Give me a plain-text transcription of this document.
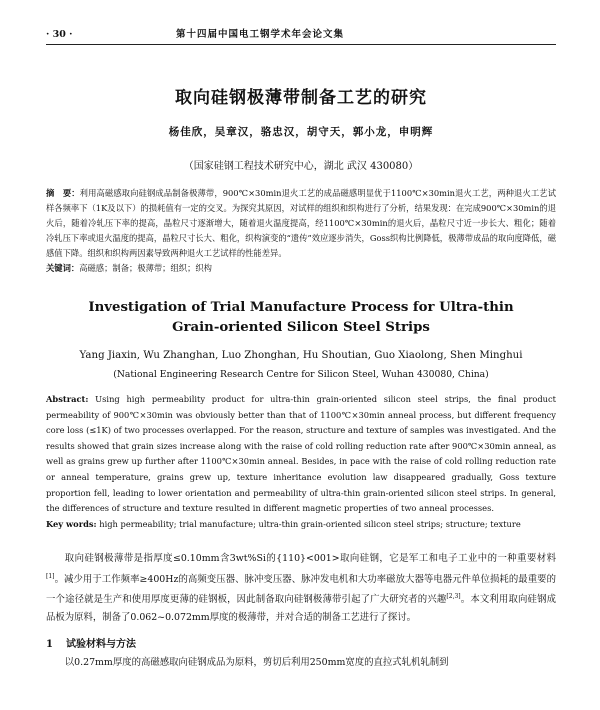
· 30 ·	第十四届中国电工钢学术年会论文集
取向硅钢极薄带制备工艺的研究
杨佳欣，吴章汉，骆忠汉，胡守天，郭小龙，申明辉
（国家硅钢工程技术研究中心，湖北 武汉 430080）
摘　要：利用高磁感取向硅钢成品制备极薄带，900℃×30min退火工艺的成品磁感明显优于1100℃×30min退火工艺，两种退火工艺试样各频率下（1K及以下）的损耗值有一定的交叉。为探究其原因，对试样的组织和织构进行了分析，结果发现：在完成900℃×30min的退火后，随着冷轧压下率的提高，晶粒尺寸逐渐增大，随着退火温度提高，经1100℃×30min的退火后，晶粒尺寸近一步长大、粗化；随着冷轧压下率或退火温度的提高，晶粒尺寸长大、粗化，织构演变的“遗传”效应逐步消失，Goss织构比例降低，极薄带成品的取向度降低，磁感值下降。组织和织构两因素导致两种退火工艺试样的性能差异。
关键词：高磁感；制备；极薄带；组织；织构
Investigation of Trial Manufacture Process for Ultra-thin
Grain-oriented Silicon Steel Strips
Yang Jiaxin, Wu Zhanghan, Luo Zhonghan, Hu Shoutian, Guo Xiaolong, Shen Minghui
(National Engineering Research Centre for Silicon Steel, Wuhan 430080, China)
Abstract: Using high permeability product for ultra-thin grain-oriented silicon steel strips, the final product permeability of 900℃×30min was obviously better than that of 1100℃×30min anneal process, but different frequency core loss (≤1K) of two processes overlapped. For the reason, structure and texture of samples was investigated. And the results showed that grain sizes increase along with the raise of cold rolling reduction rate after 900℃×30min anneal, as well as grains grew up further after 1100℃×30min anneal. Besides, in pace with the raise of cold rolling reduction rate or anneal temperature, grains grew up, texture inheritance evolution law disappeared gradually, Goss texture proportion fell, leading to lower orientation and permeability of ultra-thin grain-oriented silicon steel strips. In general, the differences of structure and texture resulted in different magnetic properties of two anneal processes.
Key words: high permeability; trial manufacture; ultra-thin grain-oriented silicon steel strips; structure; texture
取向硅钢极薄带是指厚度≤0.10mm含3wt%Si的{110}<001>取向硅钢，它是军工和电子工业中的一种重要材料[1]。减少用于工作频率≥400Hz的高频变压器、脉冲变压器、脉冲发电机和大功率磁放大器等电器元件单位损耗的最重要的一个途径就是生产和使用厚度更薄的硅钢板，因此制备取向硅钢极薄带引起了广大研究者的兴趣[2,3]。本文利用取向硅钢成品板为原料，制备了0.062~0.072mm厚度的极薄带，并对合适的制备工艺进行了探讨。
1 试验材料与方法
以0.27mm厚度的高磁感取向硅钢成品为原料，剪切后利用250mm宽度的直拉式轧机轧制到
